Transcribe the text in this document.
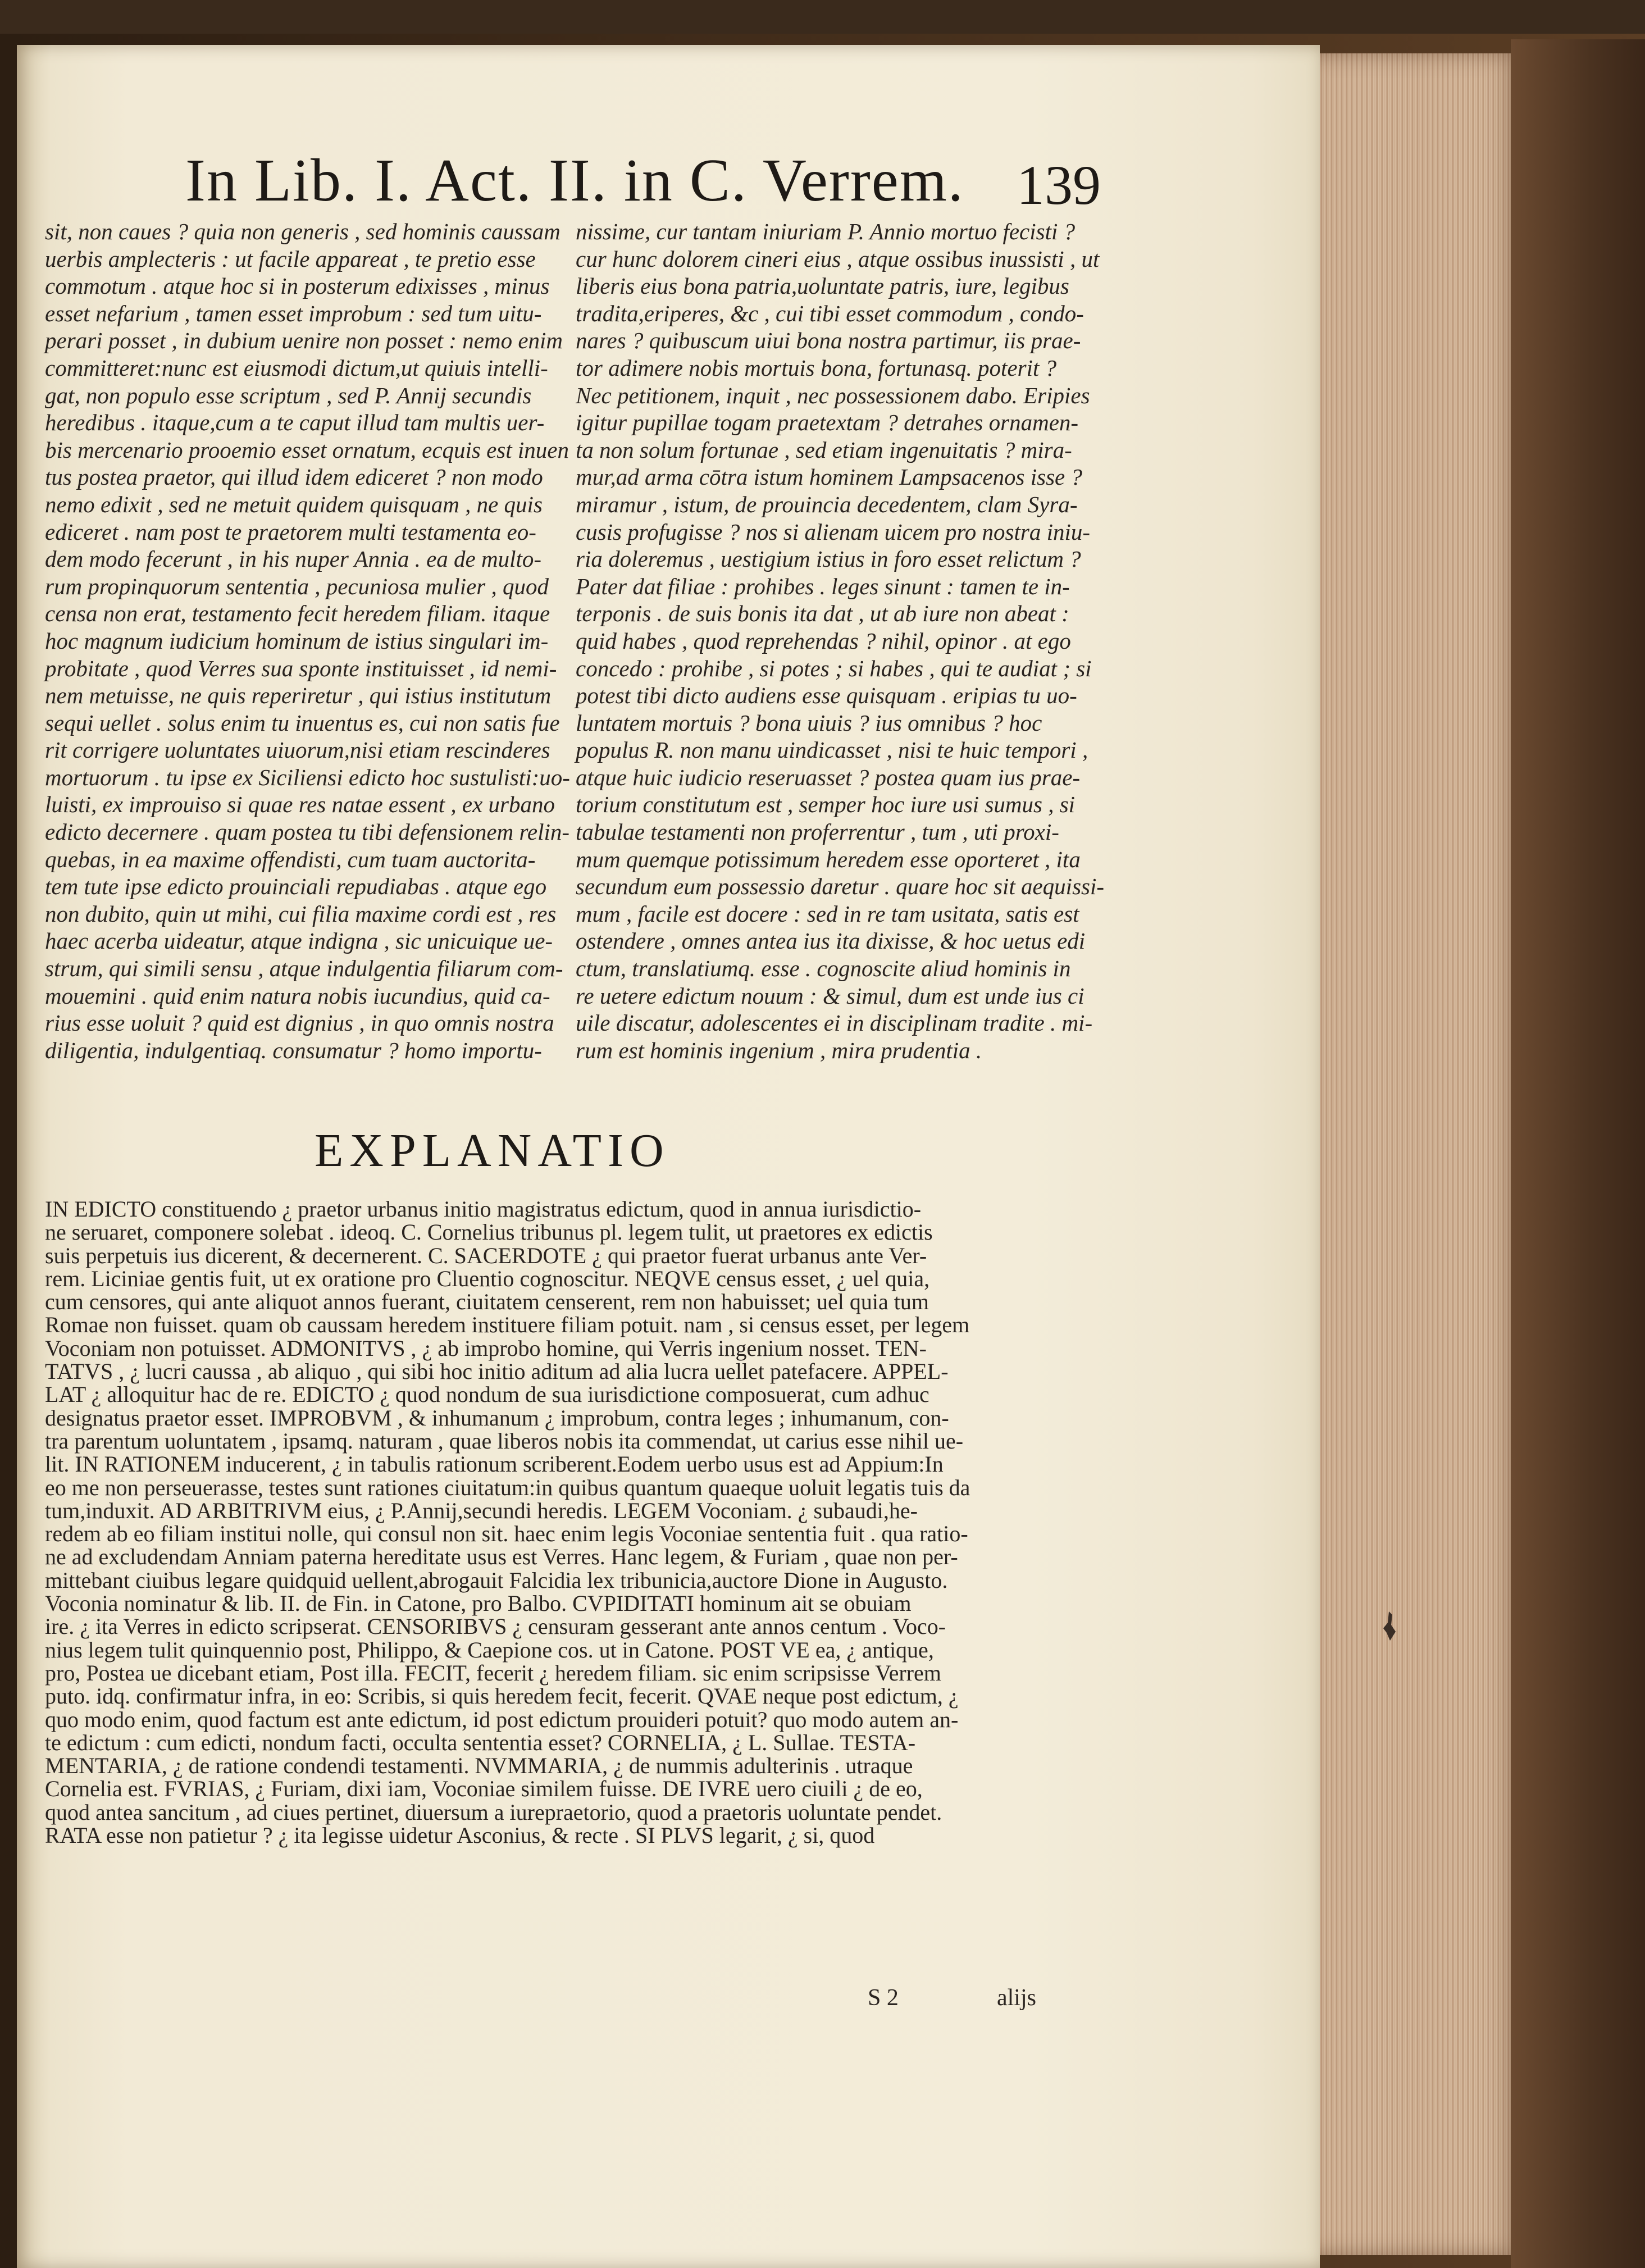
In Lib. I. Act. II. in C. Verrem. 139
sit, non caues ? quia non generis , sed hominis caussam
uerbis amplecteris : ut facile appareat , te pretio esse
commotum . atque hoc si in posterum edixisses , minus
esset nefarium , tamen esset improbum : sed tum uitu-
perari posset , in dubium uenire non posset : nemo enim
committeret:nunc est eiusmodi dictum,ut quiuis intelli-
gat, non populo esse scriptum , sed P. Annij secundis
heredibus . itaque,cum a te caput illud tam multis uer-
bis mercenario prooemio esset ornatum, ecquis est inuen
tus postea praetor, qui illud idem ediceret ? non modo
nemo edixit , sed ne metuit quidem quisquam , ne quis
ediceret . nam post te praetorem multi testamenta eo-
dem modo fecerunt , in his nuper Annia . ea de multo-
rum propinquorum sententia , pecuniosa mulier , quod
censa non erat, testamento fecit heredem filiam. itaque
hoc magnum iudicium hominum de istius singulari im-
probitate , quod Verres sua sponte instituisset , id nemi-
nem metuisse, ne quis reperiretur , qui istius institutum
sequi uellet . solus enim tu inuentus es, cui non satis fue
rit corrigere uoluntates uiuorum,nisi etiam rescinderes
mortuorum . tu ipse ex Siciliensi edicto hoc sustulisti:uo-
luisti, ex improuiso si quae res natae essent , ex urbano
edicto decernere . quam postea tu tibi defensionem relin-
quebas, in ea maxime offendisti, cum tuam auctorita-
tem tute ipse edicto prouinciali repudiabas . atque ego
non dubito, quin ut mihi, cui filia maxime cordi est , res
haec acerba uideatur, atque indigna , sic unicuique ue-
strum, qui simili sensu , atque indulgentia filiarum com-
mouemini . quid enim natura nobis iucundius, quid ca-
rius esse uoluit ? quid est dignius , in quo omnis nostra
diligentia, indulgentiaq. consumatur ? homo importu-
nissime, cur tantam iniuriam P. Annio mortuo fecisti ?
cur hunc dolorem cineri eius , atque ossibus inussisti , ut
liberis eius bona patria,uoluntate patris, iure, legibus
tradita,eriperes, &c , cui tibi esset commodum , condo-
nares ? quibuscum uiui bona nostra partimur, iis prae-
tor adimere nobis mortuis bona, fortunasq. poterit ?
Nec petitionem, inquit , nec possessionem dabo. Eripies
igitur pupillae togam praetextam ? detrahes ornamen-
ta non solum fortunae , sed etiam ingenuitatis ? mira-
mur,ad arma cōtra istum hominem Lampsacenos isse ?
miramur , istum, de prouincia decedentem, clam Syra-
cusis profugisse ? nos si alienam uicem pro nostra iniu-
ria doleremus , uestigium istius in foro esset relictum ?
Pater dat filiae : prohibes . leges sinunt : tamen te in-
terponis . de suis bonis ita dat , ut ab iure non abeat :
quid habes , quod reprehendas ? nihil, opinor . at ego
concedo : prohibe , si potes ; si habes , qui te audiat ; si
potest tibi dicto audiens esse quisquam . eripias tu uo-
luntatem mortuis ? bona uiuis ? ius omnibus ? hoc
populus R. non manu uindicasset , nisi te huic tempori ,
atque huic iudicio reseruasset ? postea quam ius prae-
torium constitutum est , semper hoc iure usi sumus , si
tabulae testamenti non proferrentur , tum , uti proxi-
mum quemque potissimum heredem esse oporteret , ita
secundum eum possessio daretur . quare hoc sit aequissi-
mum , facile est docere : sed in re tam usitata, satis est
ostendere , omnes antea ius ita dixisse, & hoc uetus edi
ctum, translatiumq. esse . cognoscite aliud hominis in
re uetere edictum nouum : & simul, dum est unde ius ci
uile discatur, adolescentes ei in disciplinam tradite . mi-
rum est hominis ingenium , mira prudentia .
EXPLANATIO
IN EDICTO constituendo ¿ praetor urbanus initio magistratus edictum, quod in annua iurisdictio-
ne seruaret, componere solebat . ideoq. C. Cornelius tribunus pl. legem tulit, ut praetores ex edictis
suis perpetuis ius dicerent, & decernerent. C. SACERDOTE ¿ qui praetor fuerat urbanus ante Ver-
rem. Liciniae gentis fuit, ut ex oratione pro Cluentio cognoscitur. NEQVE census esset, ¿ uel quia,
cum censores, qui ante aliquot annos fuerant, ciuitatem censerent, rem non habuisset; uel quia tum
Romae non fuisset. quam ob caussam heredem instituere filiam potuit. nam , si census esset, per legem
Voconiam non potuisset. ADMONITVS , ¿ ab improbo homine, qui Verris ingenium nosset. TEN-
TATVS , ¿ lucri caussa , ab aliquo , qui sibi hoc initio aditum ad alia lucra uellet patefacere. APPEL-
LAT ¿ alloquitur hac de re. EDICTO ¿ quod nondum de sua iurisdictione composuerat, cum adhuc
designatus praetor esset. IMPROBVM , & inhumanum ¿ improbum, contra leges ; inhumanum, con-
tra parentum uoluntatem , ipsamq. naturam , quae liberos nobis ita commendat, ut carius esse nihil ue-
lit. IN RATIONEM inducerent, ¿ in tabulis rationum scriberent.Eodem uerbo usus est ad Appium:In
eo me non perseuerasse, testes sunt rationes ciuitatum:in quibus quantum quaeque uoluit legatis tuis da
tum,induxit. AD ARBITRIVM eius, ¿ P.Annij,secundi heredis. LEGEM Voconiam. ¿ subaudi,he-
redem ab eo filiam institui nolle, qui consul non sit. haec enim legis Voconiae sententia fuit . qua ratio-
ne ad excludendam Anniam paterna hereditate usus est Verres. Hanc legem, & Furiam , quae non per-
mittebant ciuibus legare quidquid uellent,abrogauit Falcidia lex tribunicia,auctore Dione in Augusto.
Voconia nominatur & lib. II. de Fin. in Catone, pro Balbo. CVPIDITATI hominum ait se obuiam
ire. ¿ ita Verres in edicto scripserat. CENSORIBVS ¿ censuram gesserant ante annos centum . Voco-
nius legem tulit quinquennio post, Philippo, & Caepione cos. ut in Catone. POST VE ea, ¿ antique,
pro, Postea ue dicebant etiam, Post illa. FECIT, fecerit ¿ heredem filiam. sic enim scripsisse Verrem
puto. idq. confirmatur infra, in eo: Scribis, si quis heredem fecit, fecerit. QVAE neque post edictum, ¿
quo modo enim, quod factum est ante edictum, id post edictum prouideri potuit? quo modo autem an-
te edictum : cum edicti, nondum facti, occulta sententia esset? CORNELIA, ¿ L. Sullae. TESTA-
MENTARIA, ¿ de ratione condendi testamenti. NVMMARIA, ¿ de nummis adulterinis . utraque
Cornelia est. FVRIAS, ¿ Furiam, dixi iam, Voconiae similem fuisse. DE IVRE uero ciuili ¿ de eo,
quod antea sancitum , ad ciues pertinet, diuersum a iurepraetorio, quod a praetoris uoluntate pendet.
RATA esse non patietur ? ¿ ita legisse uidetur Asconius, & recte . SI PLVS legarit, ¿ si, quod
S 2	alijs
